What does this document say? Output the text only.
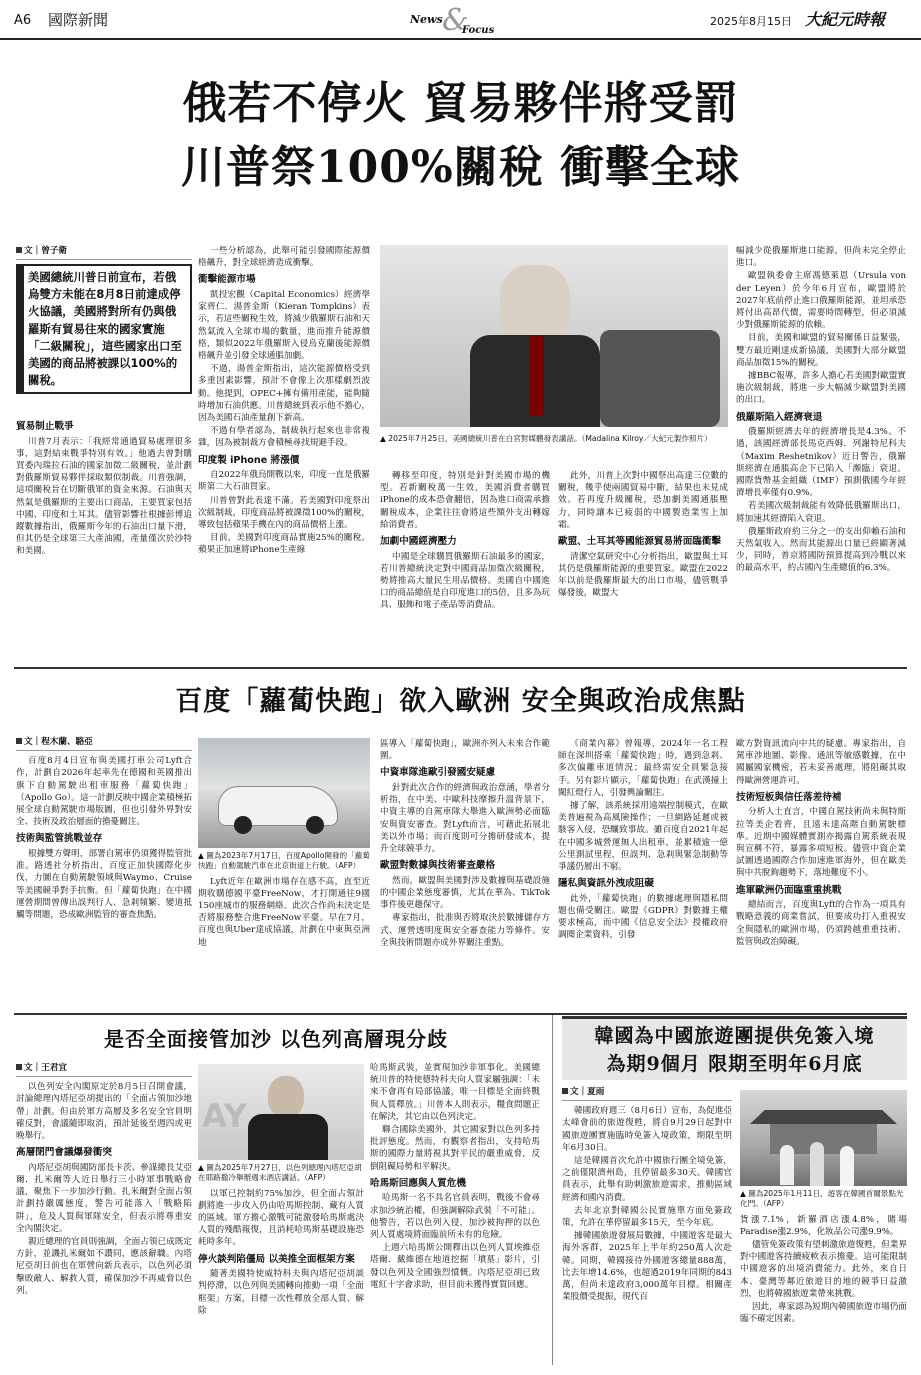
A6 國際新聞	News &
Focus
2025年8月15日 大紀元時報
俄若不停火 貿易夥伴將受罰
川普祭100%關稅 衝擊全球
文｜曾子衛
美國總統川普日前宣布，若俄烏雙方未能在8月8日前達成停火協議，美國將對所有仍與俄羅斯有貿易往來的國家實施「二級關稅」，這些國家出口至美國的商品將被課以100%的關稅。
貿易制止戰爭

川普7月表示：「我經常通過貿易處理很多事，這對結束戰爭特別有效。」他過去曾對購買委內瑞拉石油的國家加徵二級關稅，並計劃對俄羅斯貿易夥伴採取類似制裁。川普強調，這項關稅旨在切斷俄軍的資金來源。石油與天然氣是俄羅斯的主要出口商品，主要買家包括中國、印度和土耳其。儘管影響社根據彭博追蹤數據指出，俄羅斯今年的石油出口量下滑，但其仍是全球第三大產油國，產量僅次於沙特和美國。

一些分析認為，此舉可能引發國際能源價格飆升，對全球經濟造成衝擊。

衝擊能源市場

凱投宏觀（Capital Economics）經濟學家齊仁．湯普金斯（Kieran Tompkins）表示，若這些關稅生效，將減少俄羅斯石油和天然氣流入全球市場的數量，進而推升能源價格，類似2022年俄羅斯入侵烏克蘭後能源價格飆升並引發全球通脹加劇。

不過，湯普金斯指出，這次能源價格受到多重因素影響，預計不會像上次那樣劇烈波動。他提到，OPEC+擁有備用產能，能夠隨時增加石油供應。川普總統到表示他不擔心，因為美國石油產量創下新高。

不過有學者認為，制裁執行起來也非常複雜，因為被制裁方會積極尋找規避手段。

印度製 iPhone 將漲價

自2022年俄烏開戰以來，印度一直是俄羅斯第二大石油買家。

川普曾對此表達不滿。若美國對印度祭出次級制裁，印度商品將被課徵100%的關稅，導致包括蘋果手機在內的商品價格上漲。

目前，美國對印度商品實施25%的關稅。蘋果正加速將iPhone生產線

▲ 2025年7月25日，美國總統川普在白宮對媒體發表講話。（Madalina Kilroy／大紀元製作照片）

轉移至印度，特別是針對美國市場的機型。若新關稅萬一生效，美國消費者購買iPhone的成本恐會翻倍，因為進口商需承擔關稅成本，企業往往會將這些額外支出轉嫁給消費者。

加劇中國經濟壓力

中國是全球購買俄羅斯石油最多的國家，若川普總統決定對中國商品加徵次級關稅，勢將推高大量民生用品價格。美國自中國進口的商品總值是自印度進口的5倍，且多為玩具、服飾和電子產品等消費品。

此外，川普上次對中國祭出高達三位數的關稅，幾乎使兩國貿易中斷，結果也未見成效。若再度升級關稅，恐加劇美國通脹壓力，同時讓本已疲弱的中國製造業雪上加霜。

歐盟、土耳其等國能源貿易將面臨衝擊

清潔空氣研究中心分析指出，歐盟與土耳其仍是俄羅斯能源的重要買家。歐盟在2022年以前是俄羅斯最大的出口市場，儘管戰爭爆發後，歐盟大

幅減少從俄羅斯進口能源，但尚未完全停止進口。

歐盟執委會主席馮德萊恩（Ursula von der Leyen）於今年6月宣布，歐盟將於2027年底前停止進口俄羅斯能源，並坦承恐將付出高昂代價，需要時間轉型，但必須減少對俄羅斯能源的依賴。

目前，美國和歐盟的貿易關係日益緊張，雙方最近剛達成新協議，美國對大部分歐盟商品加徵15%的關稅。

據BBC報導，許多人擔心若美國對歐盟實施次級制裁，將進一步大幅減少歐盟對美國的出口。

俄羅斯陷入經濟衰退

俄羅斯經濟去年的經濟增長是4.3%。不過，該國經濟部長馬克西姆．列謝特尼科夫（Maxim Reshetnikov）近日警告，俄羅斯經濟在通脹高企下已陷入「瀕臨」衰退。國際貨幣基金組織（IMF）預測俄國今年經濟增長率僅有0.9%。

若美國次級制裁能有效降低俄羅斯出口，將加速其經濟陷入衰退。

俄羅斯政府約三分之一的支出仰賴石油和天然氣收入。然而其能源出口量已經顯著減少，同時，普京將國防預算提高到冷戰以來的最高水平，約占國內生產總值的6.3%。

百度「蘿蔔快跑」欲入歐洲 安全與政治成焦點
文｜程木蘭、駱亞

百度8月4日宣布與美國打車公司Lyft合作，計劃自2026年起率先在德國和英國推出旗下自動駕駛出租車服務「蘿蔔快跑」（Apollo Go）。這一計劃反映中國企業積極拓展全球自動駕駛市場版圖，但也引發外界對安全、技術及政治層面的擔憂關注。

技術與監管挑戰並存

根據雙方聲明，部署自駕車仍須獲得監管批准。路透社分析指出，百度正加快國際化步伐，力圖在自動駕駛領域與Waymo、Cruise等美國競爭對手抗衡。但「蘿蔔快跑」在中國運營期間曾傳出誤判行人、急剎頻繁、變道抵觸等問題，恐成歐洲監管的審查焦點。

▲ 圖為2023年7月17日，百度Apollo開發的「蘿蔔快跑」自動駕駛汽車在北京街道上行駛。（AFP）

Lyft近年在歐洲市場存在感不高，直至近期收購德國平臺FreeNow，才打開通往9國150座城市的服務網絡。此次合作尚未決定是否將服務整合進FreeNow平臺。早在7月，百度也與Uber達成協議，計劃在中東與亞洲地

區導入「蘿蔔快跑」，歐洲亦列入未來合作範圍。

中資車隊進歐引發國安疑慮

針對此次合作的經濟與政治意涵，學者分析指，在中美、中歐科技摩擦升溫背景下，中資主導的自駕車隊大舉進入歐洲勢必面臨安與資安審查。對Lyft而言，可藉此拓展北美以外市場；而百度則可分擔研發成本，提升全球競爭力。

歐盟對數據與技術審查嚴格

然而，歐盟與美國對涉及數據與基礎設施的中國企業態度審慎，尤其在華為、TikTok事件後更趨保守。

專家指出，批准與否將取決於數據儲存方式、運營透明度與安全審查能力等條件。安全與技術問題亦成外界關注重點。

《商業內幕》曾報導，2024年一名工程師在深圳搭乘「蘿蔔快跑」時，遇到急剎、多次偏離車道情況；最終需安全員緊急接手。另有影片顯示，「蘿蔔快跑」在武漢撞上闖紅燈行人，引發輿論關注。

據了解，該系統採用遠端控制模式，在歐美普遍視為高風險操作；一旦網路延遲或被駭客入侵，恐釀致事故。雖百度自2021年起在中國多城營運無人出租車，並累積逾一億公里測試里程，但誤判、急剎與緊急制動等爭議仍層出不窮。

隱私與資訊外洩成阻礙

此外，「蘿蔔快跑」的數據處理與隱私問題也備受關注。歐盟《GDPR》對數據主權要求極高，而中國《信息安全法》授權政府調閱企業資料，引發

歐方對資訊流向中共的疑慮。專家指出，自駕車涉地圖、影像、通訊等敏感數據，在中國屬國家機密，若未妥善處理，將阻礙其取得歐洲營運許可。

技術短板與信任落差待補

分析人士直言，中國自駕技術尚未與特斯拉等美企看齊，且遠未達高階自動駕駛標準。近期中國媒體實測亦揭露自駕系統表現與宣稱不符，暴露多項短板。儘管中資企業試圖透過國際合作加速進軍海外，但在歐美與中共脫鉤趨勢下，落地難度不小。

進軍歐洲仍面臨重重挑戰

總結而言，百度與Lyft的合作為一項具有戰略意義的商業嘗試，但要成功打入重視安全與隱私的歐洲市場，仍須跨越重重技術、監管與政治障礙。

是否全面接管加沙 以色列高層現分歧
文｜王君宜

以色列安全內閣原定於8月5日召開會議，討論總理內塔尼亞胡提出的「全面占領加沙地帶」計劃。但由於軍方高層及多名安全官員明確反對，會議隨即取消，預計延後至週四或更晚舉行。

高層閉門會議爆發衝突

內塔尼亞胡與國防部長卡茨、參謀總長艾亞爾．扎米爾等人近日舉行三小時軍事戰略會議，聚焦下一步加沙行動。扎米爾對全面占領計劃持嚴厲態度，警告可能落入「戰略陷阱」，危及人質與軍隊安全，但表示將尊重安全內閣決定。

親近總理的官員則強調，全面占領已成既定方針，並譏扎米爾如不讚同，應該辭職。內塔尼亞胡日前也在軍營向新兵表示，以色列必須擊敗敵人、解救人質，確保加沙不再威脅以色列。

AY
▲ 圖為2025年7月27日，以色列總理內塔尼亞胡在耶路撒冷舉辦週末酒店講話。（AFP）

以軍已控制約75%加沙，但全面占領計劃將進一步攻入仍由哈馬斯控制、藏有人質的區域。軍方擔心激戰可能激發哈馬斯處決人質的殘酷報復，且消耗哈馬斯基礎設施恐耗時多年。

停火談判陷僵局 以美推全面框架方案

隨著美國特使威特科夫與內塔尼亞胡談判停滯，以色列與美國轉向推動一項「全面框架」方案，目標一次性釋放全部人質、解除

哈馬斯武裝，並實現加沙非軍事化。美國總統川普的特使德特科夫向人質家屬強調：「未來不會再有局部協議，唯一目標是全面終戰與人質釋放。」川普本人則表示，糧食問題正在解決，其它由以色列決定。

聯合國除美國外，其它國家對以色列多持批評態度。然而，有觀察者指出，支持哈馬斯的國際力量將視其對平民的嚴重威脅，反倒阻礙局勢和平解決。

哈馬斯回應與人質危機

哈馬斯一名不具名官員表明，戰後不會尋求加沙統治權，但強調解除武裝「不可能」。他警告，若以色列入侵，加沙被拘押的以色列人質處境將面臨前所未有的危險。

上週六哈馬斯公開釋出以色列人質埃維亞塔爾．戴維德在地道挖掘「墳墓」影片，引發以色列及全國強烈憤慨。內塔尼亞胡已致電紅十字會求助，但目前未獲得實質回應。

韓國為中國旅遊團提供免簽入境
為期9個月 限期至明年6月底
文｜夏雨

韓國政府週三（8月6日）宣布，為促進亞太峰會前的旅遊復甦，將自9月29日起對中國旅遊團實施臨時免簽入境政策，期限至明年6月30日。

這是韓國首次允許中國旅行團全境免簽，之前僅限濟州島，且停留最多30天。韓國官員表示，此舉有助刺激旅遊需求，推動區域經濟和國內消費。

去年北京對韓國公民實施單方面免簽政策，允許在華停留最多15天，至今年底。

據韓國旅遊發展局數據，中國遊客是最大海外客群，2025年上半年約250萬人次赴韓。同期，韓國接待外國遊客總量888萬，比去年增14.6%，也超過2019年同期的843萬，但尚未達政府3,000萬年目標。相關產業股價受提振，現代百

▲ 圖為2025年1月11日，遊客在韓國首爾景點光化門。（AFP）

貨漲7.1%，新羅酒店漲4.8%，賭場Paradise漲2.9%，化妝品公司漲9.9%。

儘管免簽政策有望刺激旅遊復甦，但業界對中國遊客持續疲軟表示擔憂。這可能限制中國遊客的出境消費能力。此外，來自日本、臺灣等鄰近旅遊目的地的競爭日益激烈，也將韓國旅遊業帶來挑戰。

因此，專家認為短期內韓國旅遊市場仍面臨不確定因素。
